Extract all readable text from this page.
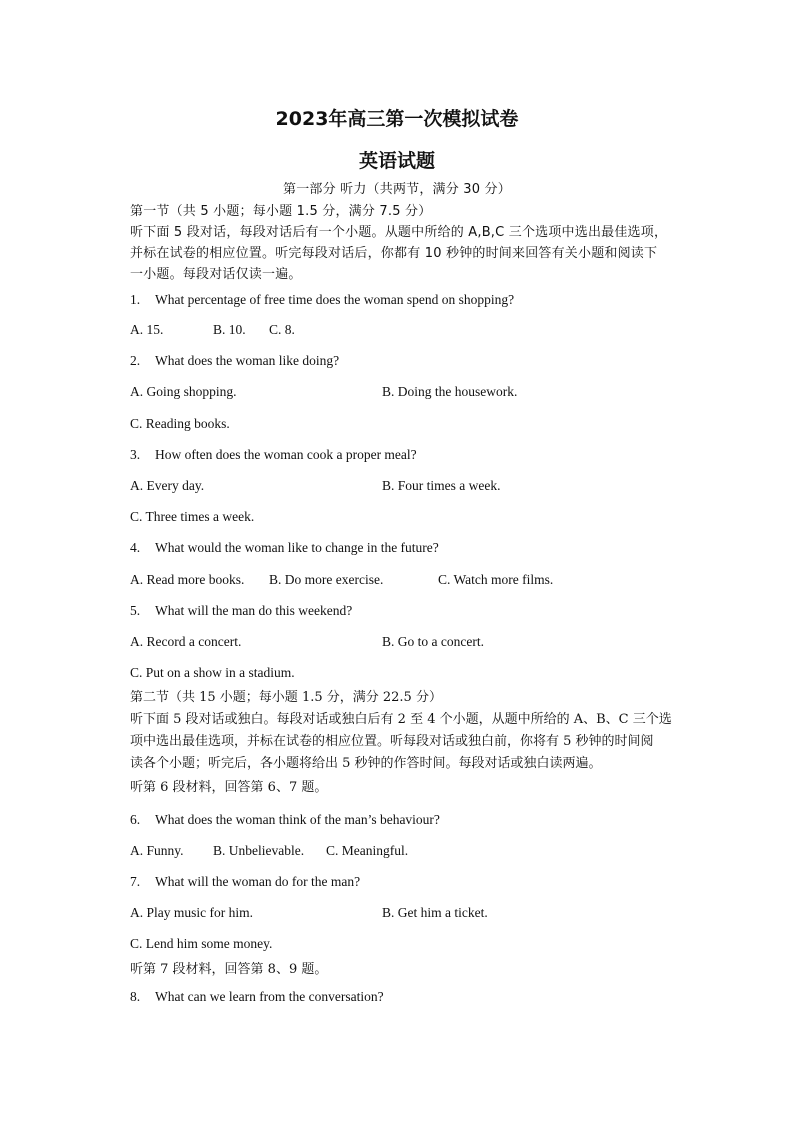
2023年高三第一次模拟试卷
英语试题
第一部分 听力（共两节，满分 30 分）
第一节（共 5 小题；每小题 1.5 分，满分 7.5 分）
听下面 5 段对话，每段对话后有一个小题。从题中所给的 A,B,C 三个选项中选出最佳选项，
并标在试卷的相应位置。听完每段对话后，你都有 10 秒钟的时间来回答有关小题和阅读下
一小题。每段对话仅读一遍。
1. What percentage of free time does the woman spend on shopping?
A. 15.	B. 10. C. 8.
2. What does the woman like doing?
A. Going shopping.	B. Doing the housework.
C. Reading books.
3. How often does the woman cook a proper meal?
A. Every day.	B. Four times a week.
C. Three times a week.
4. What would the woman like to change in the future?
A. Read more books. B. Do more exercise.	C. Watch more films.
5. What will the man do this weekend?
A. Record a concert.	B. Go to a concert.
C. Put on a show in a stadium.
第二节（共 15 小题；每小题 1.5 分，满分 22.5 分）
听下面 5 段对话或独白。每段对话或独白后有 2 至 4 个小题，从题中所给的 A、B、C 三个选
项中选出最佳选项，并标在试卷的相应位置。听每段对话或独白前，你将有 5 秒钟的时间阅
读各个小题；听完后，各小题将给出 5 秒钟的作答时间。每段对话或独白读两遍。
听第 6 段材料，回答第 6、7 题。
6. What does the woman think of the man’s behaviour?
A. Funny. B. Unbelievable. C. Meaningful.
7. What will the woman do for the man?
A. Play music for him.	B. Get him a ticket.
C. Lend him some money.
听第 7 段材料，回答第 8、9 题。
8. What can we learn from the conversation?
